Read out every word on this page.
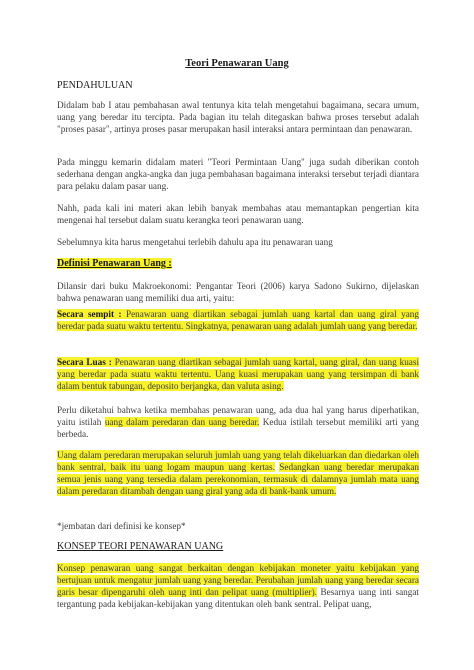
Teori Penawaran Uang

PENDAHULUAN

Didalam bab I atau pembahasan awal tentunya kita telah mengetahui bagaimana, secara umum, uang yang beredar itu tercipta. Pada bagian itu telah ditegaskan bahwa proses tersebut adalah "proses pasar", artinya proses pasar merupakan hasil interaksi antara permintaan dan penawaran.

Pada minggu kemarin didalam materi "Teori Permintaan Uang" juga sudah diberikan contoh sederhana dengan angka-angka dan juga pembahasan bagaimana interaksi tersebut terjadi diantara para pelaku dalam pasar uang.

Nahh, pada kali ini materi akan lebih banyak membahas atau memantapkan pengertian kita mengenai hal tersebut dalam suatu kerangka teori penawaran uang.

Sebelumnya kita harus mengetahui terlebih dahulu apa itu penawaran uang

Definisi Penawaran Uang :

Dilansir dari buku Makroekonomi: Pengantar Teori (2006) karya Sadono Sukirno, dijelaskan bahwa penawaran uang memiliki dua arti, yaitu:

Secara sempit : Penawaran uang diartikan sebagai jumlah uang kartal dan uang giral yang beredar pada suatu waktu tertentu. Singkatnya, penawaran uang adalah jumlah uang yang beredar.

Secara Luas : Penawaran uang diartikan sebagai jumlah uang kartal, uang giral, dan uang kuasi yang beredar pada suatu waktu tertentu. Uang kuasi merupakan uang yang tersimpan di bank dalam bentuk tabungan, deposito berjangka, dan valuta asing.

Perlu diketahui bahwa ketika membahas penawaran uang, ada dua hal yang harus diperhatikan, yaitu istilah uang dalam peredaran dan uang beredar. Kedua istilah tersebut memiliki arti yang berbeda.

Uang dalam peredaran merupakan seluruh jumlah uang yang telah dikeluarkan dan diedarkan oleh bank sentral, baik itu uang logam maupun uang kertas. Sedangkan uang beredar merupakan semua jenis uang yang tersedia dalam perekonomian, termasuk di dalamnya jumlah mata uang dalam peredaran ditambah dengan uang giral yang ada di bank-bank umum.

*jembatan dari definisi ke konsep*

KONSEP TEORI PENAWARAN UANG

Konsep penawaran uang sangat berkaitan dengan kebijakan moneter yaitu kebijakan yang bertujuan untuk mengatur jumlah uang yang beredar. Perubahan jumlah uang yang beredar secara garis besar dipengaruhi oleh uang inti dan pelipat uang (multiplier). Besarnya uang inti sangat tergantung pada kebijakan-kebijakan yang ditentukan oleh bank sentral. Pelipat uang,
